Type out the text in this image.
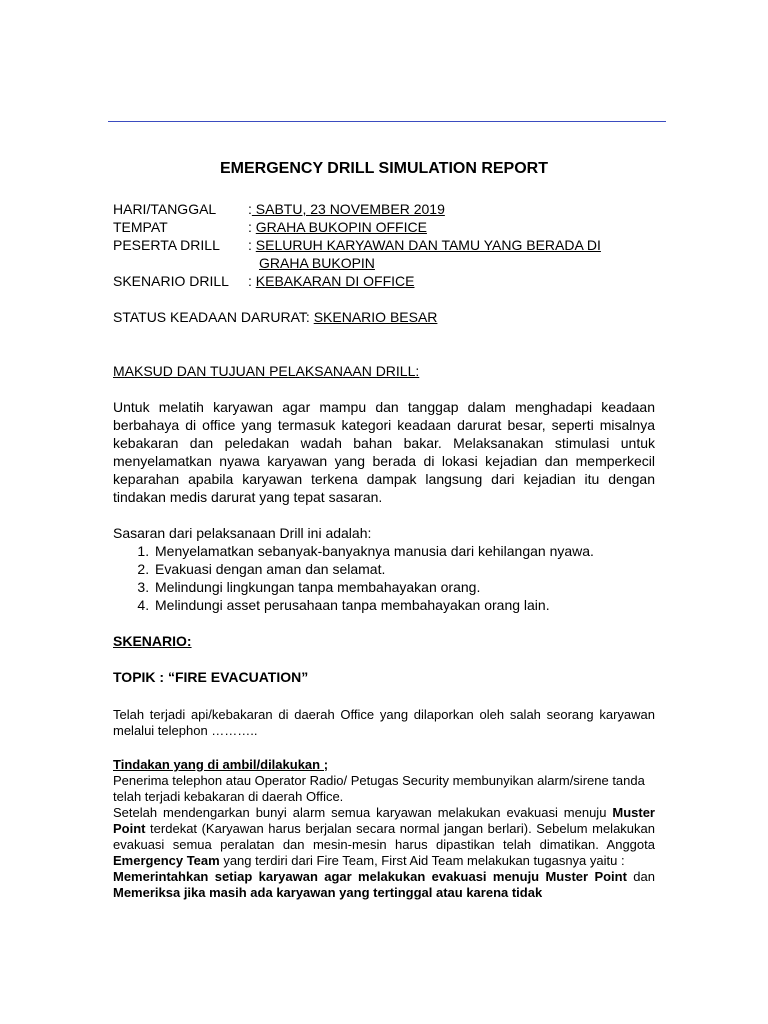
EMERGENCY DRILL SIMULATION REPORT
HARI/TANGGAL	: SABTU, 23 NOVEMBER 2019
TEMPAT	: GRAHA BUKOPIN OFFICE
PESERTA DRILL	: SELURUH KARYAWAN DAN TAMU YANG BERADA DI
GRAHA BUKOPIN
SKENARIO DRILL	: KEBAKARAN DI OFFICE
STATUS KEADAAN DARURAT: SKENARIO BESAR
MAKSUD DAN TUJUAN PELAKSANAAN DRILL:
Untuk melatih karyawan agar mampu dan tanggap dalam menghadapi keadaan berbahaya di office yang termasuk kategori keadaan darurat besar, seperti misalnya kebakaran dan peledakan wadah bahan bakar. Melaksanakan stimulasi untuk menyelamatkan nyawa karyawan yang berada di lokasi kejadian dan memperkecil keparahan apabila karyawan terkena dampak langsung dari kejadian itu dengan tindakan medis darurat yang tepat sasaran.
Sasaran dari pelaksanaan Drill ini adalah:
1. Menyelamatkan sebanyak-banyaknya manusia dari kehilangan nyawa.
2. Evakuasi dengan aman dan selamat.
3. Melindungi lingkungan tanpa membahayakan orang.
4. Melindungi asset perusahaan tanpa membahayakan orang lain.
SKENARIO:
TOPIK : “FIRE EVACUATION”
Telah terjadi api/kebakaran di daerah Office yang dilaporkan oleh salah seorang karyawan melalui telephon ………..
Tindakan yang di ambil/dilakukan ;
Penerima telephon atau Operator Radio/ Petugas Security membunyikan alarm/sirene tanda telah terjadi kebakaran di daerah Office.
Setelah mendengarkan bunyi alarm semua karyawan melakukan evakuasi menuju Muster Point terdekat (Karyawan harus berjalan secara normal jangan berlari). Sebelum melakukan evakuasi semua peralatan dan mesin-mesin harus dipastikan telah dimatikan. Anggota Emergency Team yang terdiri dari Fire Team, First Aid Team melakukan tugasnya yaitu :
Memerintahkan setiap karyawan agar melakukan evakuasi menuju Muster Point dan Memeriksa jika masih ada karyawan yang tertinggal atau karena tidak
